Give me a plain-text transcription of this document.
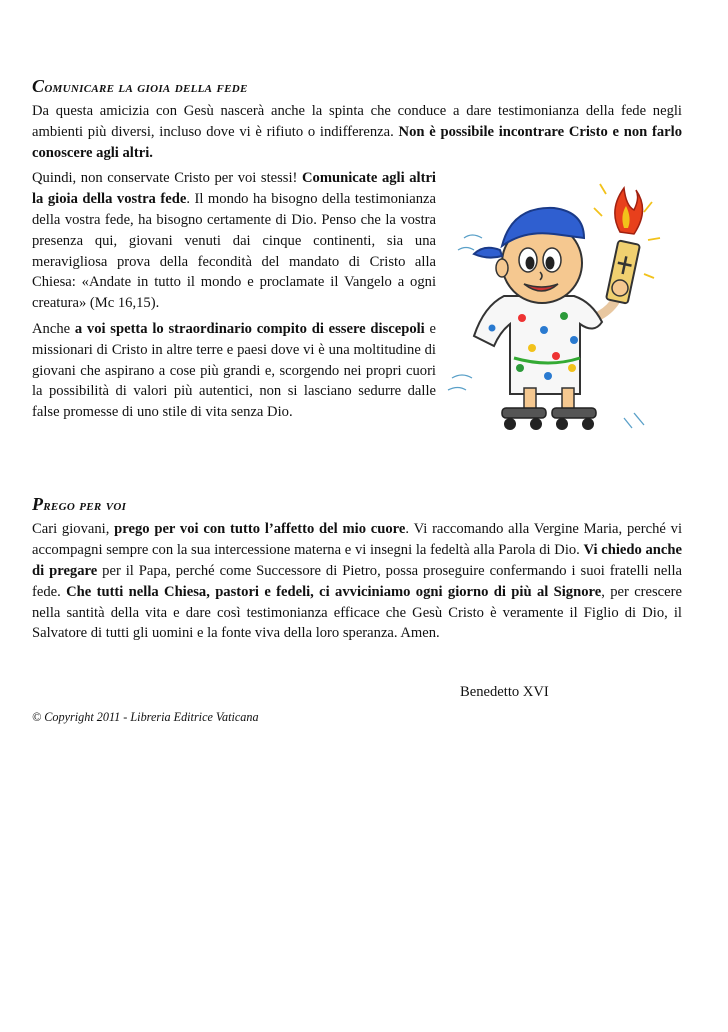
Comunicare la gioia della fede

Da questa amicizia con Gesù nascerà anche la spinta che conduce a dare testimonianza della fede negli ambienti più diversi, incluso dove vi è rifiuto o indifferenza. Non è possibile incontrare Cristo e non farlo conoscere agli altri.

Quindi, non conservate Cristo per voi stessi! Comunicate agli altri la gioia della vostra fede. Il mondo ha bisogno della testimonianza della vostra fede, ha bisogno certamente di Dio. Penso che la vostra presenza qui, giovani venuti dai cinque continenti, sia una meravigliosa prova della fecondità del mandato di Cristo alla Chiesa: «Andate in tutto il mondo e proclamate il Vangelo a ogni creatura» (Mc 16,15).

Anche a voi spetta lo straordinario compito di essere discepoli e missionari di Cristo in altre terre e paesi dove vi è una moltitudine di giovani che aspirano a cose più grandi e, scorgendo nei propri cuori la possibilità di valori più autentici, non si lasciano sedurre dalle false promesse di uno stile di vita senza Dio.

Prego per voi

Cari giovani, prego per voi con tutto l’affetto del mio cuore. Vi raccomando alla Vergine Maria, perché vi accompagni sempre con la sua intercessione materna e vi insegni la fedeltà alla Parola di Dio. Vi chiedo anche di pregare per il Papa, perché come Successore di Pietro, possa proseguire confermando i suoi fratelli nella fede. Che tutti nella Chiesa, pastori e fedeli, ci avviciniamo ogni giorno di più al Signore, per crescere nella santità della vita e dare così testimonianza efficace che Gesù Cristo è veramente il Figlio di Dio, il Salvatore di tutti gli uomini e la fonte viva della loro speranza. Amen.

Benedetto XVI
© Copyright 2011 - Libreria Editrice Vaticana
